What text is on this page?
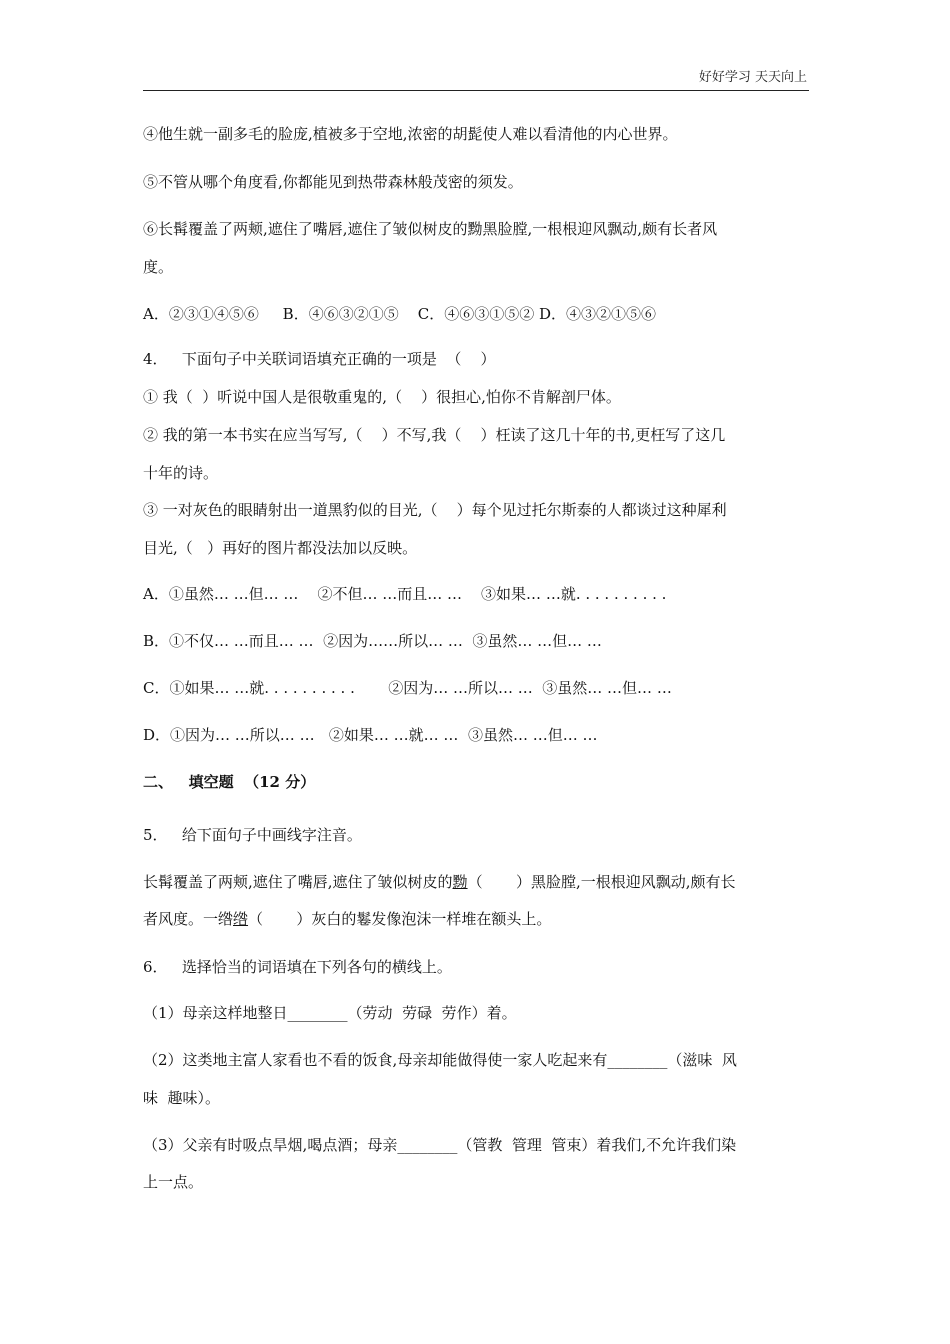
好好学习 天天向上
④他生就一副多毛的脸庞,植被多于空地,浓密的胡髭使人难以看清他的内心世界。
⑤不管从哪个角度看,你都能见到热带森林般茂密的须发。
⑥长髯覆盖了两颊,遮住了嘴唇,遮住了皱似树皮的黝黑脸膛,一根根迎风飘动,颇有长者风
度。
A．②③①④⑤⑥     B．④⑥③②①⑤    C．④⑥③①⑤② D．④③②①⑤⑥
4．   下面句子中关联词语填充正确的一项是  （    ）
① 我（  ）听说中国人是很敬重鬼的,（    ）很担心,怕你不肯解剖尸体。
② 我的第一本书实在应当写写,（    ）不写,我（    ）枉读了这几十年的书,更枉写了这几
十年的诗。
③ 一对灰色的眼睛射出一道黑豹似的目光,（    ）每个见过托尔斯泰的人都谈过这种犀利
目光,（   ）再好的图片都没法加以反映。
A．①虽然… …但… …    ②不但… …而且… …    ③如果… …就. . . . . . . . . .
B．①不仅… …而且… …  ②因为……所以… …  ③虽然… …但… …
C．①如果… …就. . . . . . . . . .       ②因为… …所以… …  ③虽然… …但… …
D．①因为… …所以… …   ②如果… …就… …  ③虽然… …但… …
二、   填空题  （12 分）
5．   给下面句子中画线字注音。
长髯覆盖了两颊,遮住了嘴唇,遮住了皱似树皮的黝（       ）黑脸膛,一根根迎风飘动,颇有长
者风度。一绺绺（       ）灰白的鬈发像泡沫一样堆在额头上。
6．   选择恰当的词语填在下列各句的横线上。
（1）母亲这样地整日________（劳动  劳碌  劳作）着。
（2）这类地主富人家看也不看的饭食,母亲却能做得使一家人吃起来有________（滋味  风
味  趣味）。
（3）父亲有时吸点旱烟,喝点酒；母亲________（管教  管理  管束）着我们,不允许我们染
上一点。
